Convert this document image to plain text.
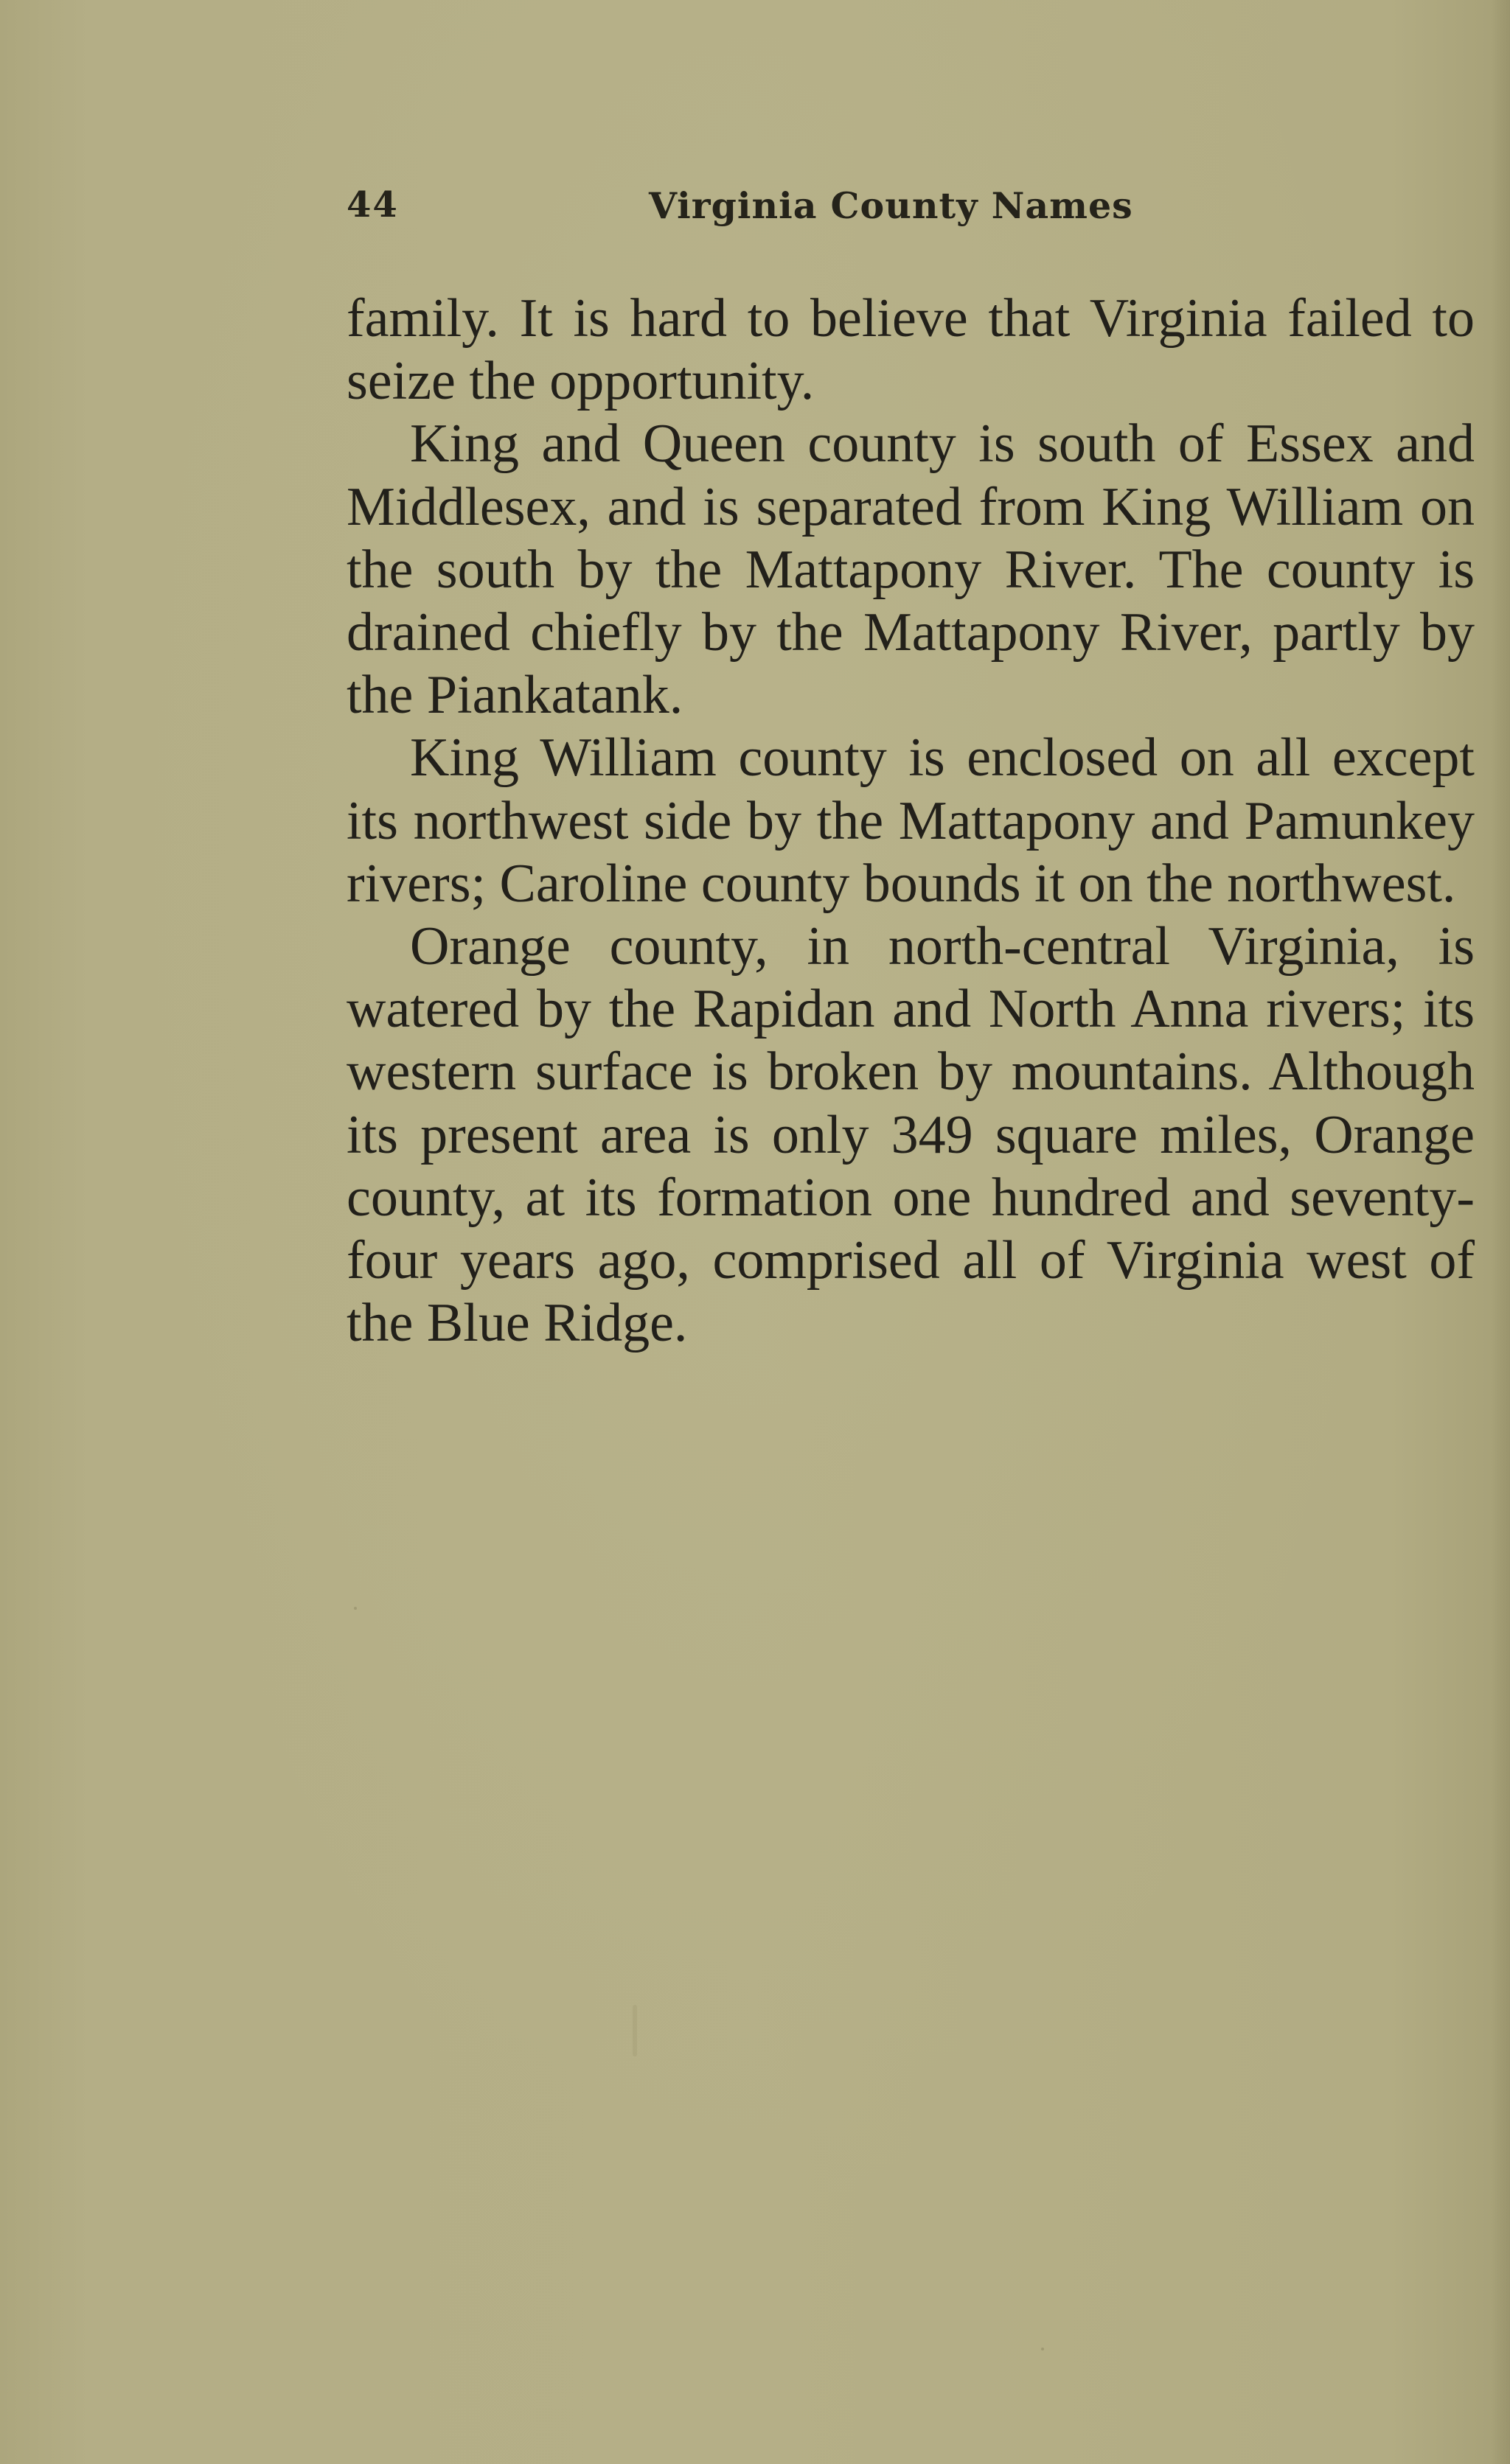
44	Virginia County Names

family. It is hard to believe that Virginia failed to seize the opportunity.

King and Queen county is south of Essex and Middlesex, and is separated from King William on the south by the Mattapony River. The county is drained chiefly by the Mattapony River, partly by the Piankatank.

King William county is enclosed on all except its northwest side by the Mattapony and Pamunkey rivers; Caroline county bounds it on the northwest.

Orange county, in north-central Virginia, is watered by the Rapidan and North Anna rivers; its western surface is broken by mountains. Although its present area is only 349 square miles, Orange county, at its formation one hundred and seventy-four years ago, comprised all of Virginia west of the Blue Ridge.
